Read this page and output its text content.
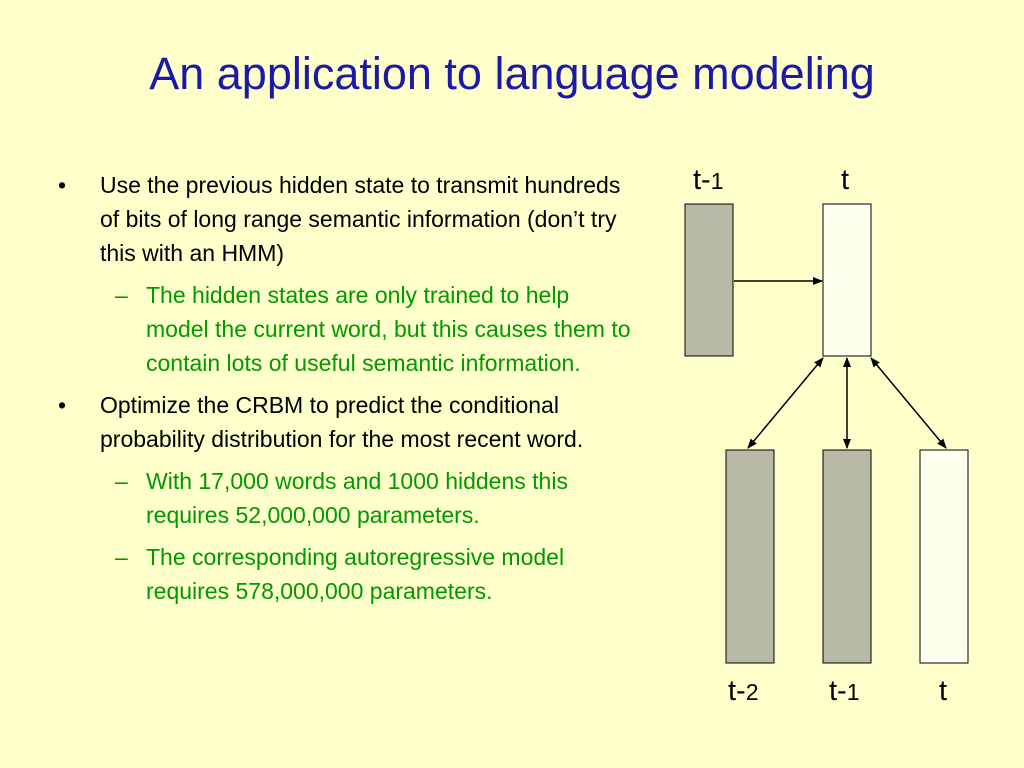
An application to language modeling
• Use the previous hidden state to transmit hundreds of bits of long range semantic information (don’t try this with an HMM)
– The hidden states are only trained to help model the current word, but this causes them to contain lots of useful semantic information.
• Optimize the CRBM to predict the conditional probability distribution for the most recent word.
– With 17,000 words and 1000 hiddens this requires 52,000,000 parameters.
– The corresponding autoregressive model requires 578,000,000 parameters.
t-1	t
t-2 t-1	t
